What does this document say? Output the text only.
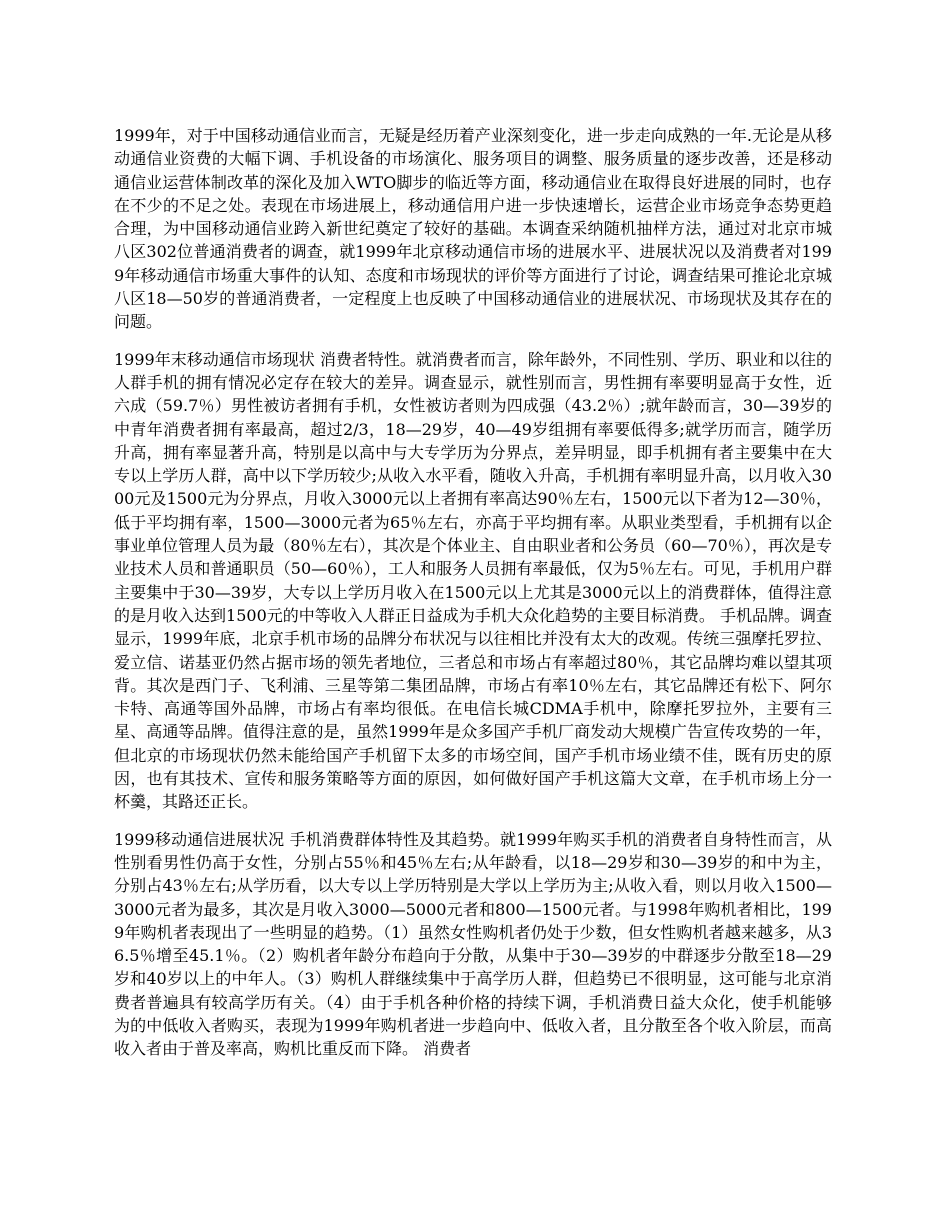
1999年，对于中国移动通信业而言，无疑是经历着产业深刻变化，进一步走向成熟的一年.无论是从移动通信业资费的大幅下调、手机设备的市场演化、服务项目的调整、服务质量的逐步改善，还是移动通信业运营体制改革的深化及加入WTO脚步的临近等方面，移动通信业在取得良好进展的同时，也存在不少的不足之处。表现在市场进展上，移动通信用户进一步快速增长，运营企业市场竞争态势更趋合理，为中国移动通信业跨入新世纪奠定了较好的基础。本调查采纳随机抽样方法，通过对北京市城八区302位普通消费者的调查，就1999年北京移动通信市场的进展水平、进展状况以及消费者对1999年移动通信市场重大事件的认知、态度和市场现状的评价等方面进行了讨论，调查结果可推论北京城八区18—50岁的普通消费者，一定程度上也反映了中国移动通信业的进展状况、市场现状及其存在的问题。

1999年末移动通信市场现状 消费者特性。就消费者而言，除年龄外，不同性别、学历、职业和以往的人群手机的拥有情况必定存在较大的差异。调查显示，就性别而言，男性拥有率要明显高于女性，近六成（59.7％）男性被访者拥有手机，女性被访者则为四成强（43.2％）;就年龄而言，30—39岁的中青年消费者拥有率最高，超过2/3，18—29岁，40—49岁组拥有率要低得多;就学历而言，随学历升高，拥有率显著升高，特别是以高中与大专学历为分界点，差异明显，即手机拥有者主要集中在大专以上学历人群，高中以下学历较少;从收入水平看，随收入升高，手机拥有率明显升高，以月收入3000元及1500元为分界点，月收入3000元以上者拥有率高达90％左右，1500元以下者为12—30％，低于平均拥有率，1500—3000元者为65％左右，亦高于平均拥有率。从职业类型看，手机拥有以企事业单位管理人员为最（80％左右），其次是个体业主、自由职业者和公务员（60—70％），再次是专业技术人员和普通职员（50—60％），工人和服务人员拥有率最低，仅为5％左右。可见，手机用户群主要集中于30—39岁，大专以上学历月收入在1500元以上尤其是3000元以上的消费群体，值得注意的是月收入达到1500元的中等收入人群正日益成为手机大众化趋势的主要目标消费。 手机品牌。调查显示，1999年底，北京手机市场的品牌分布状况与以往相比并没有太大的改观。传统三强摩托罗拉、爱立信、诺基亚仍然占据市场的领先者地位，三者总和市场占有率超过80％，其它品牌均难以望其项背。其次是西门子、飞利浦、三星等第二集团品牌，市场占有率10％左右，其它品牌还有松下、阿尔卡特、高通等国外品牌，市场占有率均很低。在电信长城CDMA手机中，除摩托罗拉外，主要有三星、高通等品牌。值得注意的是，虽然1999年是众多国产手机厂商发动大规模广告宣传攻势的一年，但北京的市场现状仍然未能给国产手机留下太多的市场空间，国产手机市场业绩不佳，既有历史的原因，也有其技术、宣传和服务策略等方面的原因，如何做好国产手机这篇大文章，在手机市场上分一杯羹，其路还正长。

1999移动通信进展状况 手机消费群体特性及其趋势。就1999年购买手机的消费者自身特性而言，从性别看男性仍高于女性，分别占55％和45％左右;从年龄看，以18—29岁和30—39岁的和中为主，分别占43％左右;从学历看，以大专以上学历特别是大学以上学历为主;从收入看，则以月收入1500—3000元者为最多，其次是月收入3000—5000元者和800—1500元者。与1998年购机者相比，1999年购机者表现出了一些明显的趋势。（1）虽然女性购机者仍处于少数，但女性购机者越来越多，从36.5％增至45.1％。（2）购机者年龄分布趋向于分散，从集中于30—39岁的中群逐步分散至18—29岁和40岁以上的中年人。（3）购机人群继续集中于高学历人群，但趋势已不很明显，这可能与北京消费者普遍具有较高学历有关。（4）由于手机各种价格的持续下调，手机消费日益大众化，使手机能够为的中低收入者购买，表现为1999年购机者进一步趋向中、低收入者，且分散至各个收入阶层，而高收入者由于普及率高，购机比重反而下降。 消费者
